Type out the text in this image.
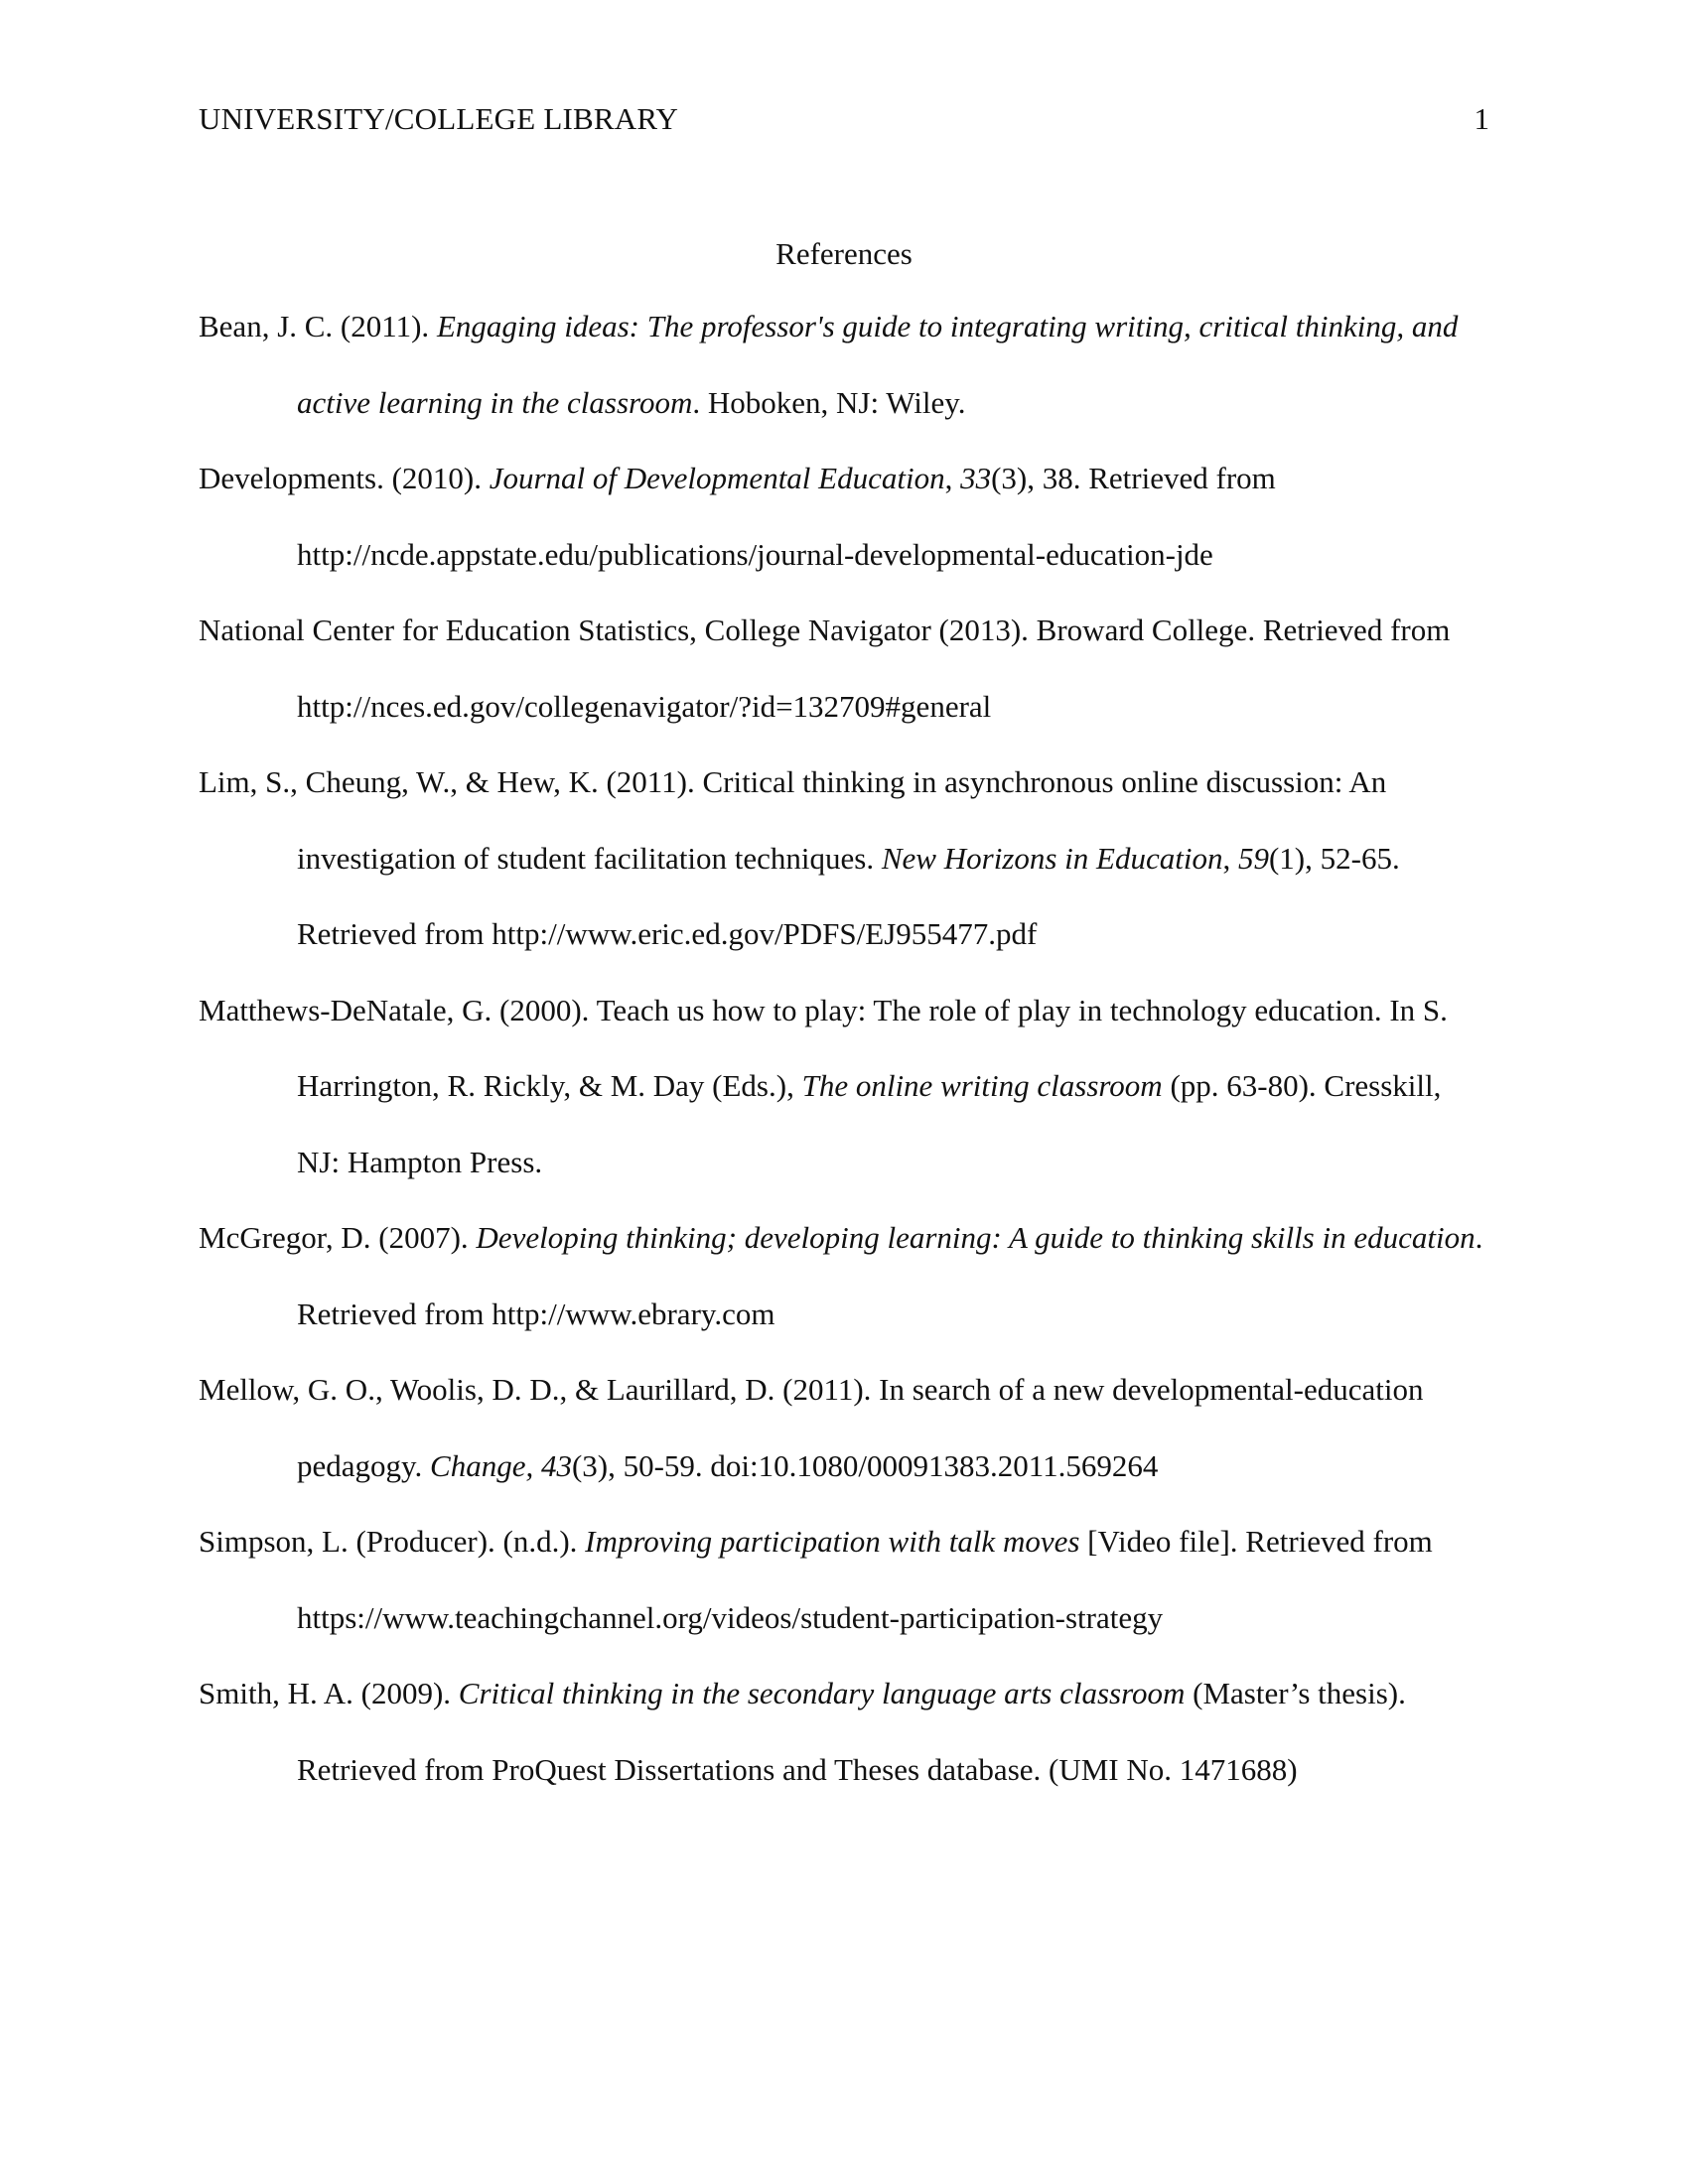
UNIVERSITY/COLLEGE LIBRARY	1
References
Bean, J. C. (2011). Engaging ideas: The professor's guide to integrating writing, critical thinking, and active learning in the classroom. Hoboken, NJ: Wiley.
Developments. (2010). Journal of Developmental Education, 33(3), 38. Retrieved from http://ncde.appstate.edu/publications/journal-developmental-education-jde
National Center for Education Statistics, College Navigator (2013). Broward College. Retrieved from http://nces.ed.gov/collegenavigator/?id=132709#general
Lim, S., Cheung, W., & Hew, K. (2011). Critical thinking in asynchronous online discussion: An investigation of student facilitation techniques. New Horizons in Education, 59(1), 52-65. Retrieved from http://www.eric.ed.gov/PDFS/EJ955477.pdf
Matthews-DeNatale, G. (2000). Teach us how to play: The role of play in technology education. In S. Harrington, R. Rickly, & M. Day (Eds.), The online writing classroom (pp. 63-80). Cresskill, NJ: Hampton Press.
McGregor, D. (2007). Developing thinking; developing learning: A guide to thinking skills in education. Retrieved from http://www.ebrary.com
Mellow, G. O., Woolis, D. D., & Laurillard, D. (2011). In search of a new developmental-education pedagogy. Change, 43(3), 50-59. doi:10.1080/00091383.2011.569264
Simpson, L. (Producer). (n.d.). Improving participation with talk moves [Video file]. Retrieved from https://www.teachingchannel.org/videos/student-participation-strategy
Smith, H. A. (2009). Critical thinking in the secondary language arts classroom (Master’s thesis). Retrieved from ProQuest Dissertations and Theses database. (UMI No. 1471688)
